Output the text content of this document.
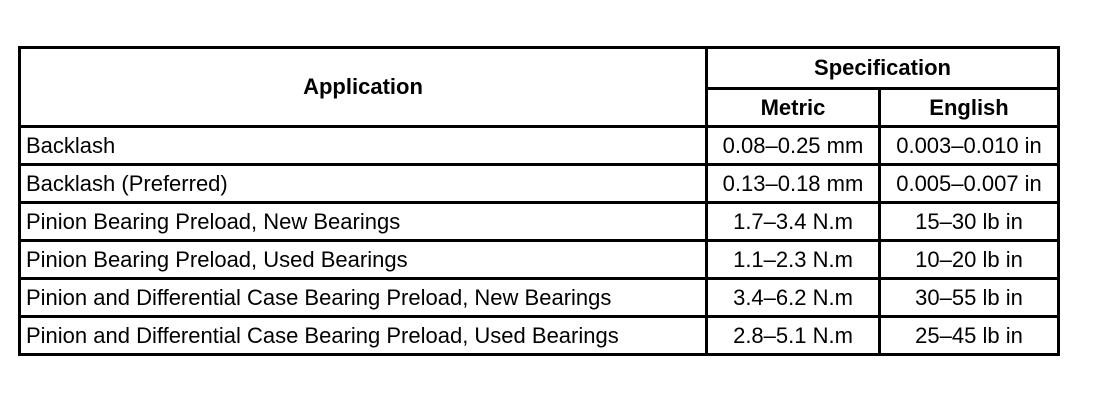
Application	Specification	
	Metric	English
Backlash	0.08–0.25 mm	0.003–0.010 in
Backlash (Preferred)	0.13–0.18 mm	0.005–0.007 in
Pinion Bearing Preload, New Bearings	1.7–3.4 N.m	15–30 lb in
Pinion Bearing Preload, Used Bearings	1.1–2.3 N.m	10–20 lb in
Pinion and Differential Case Bearing Preload, New Bearings	3.4–6.2 N.m	30–55 lb in
Pinion and Differential Case Bearing Preload, Used Bearings	2.8–5.1 N.m	25–45 lb in
